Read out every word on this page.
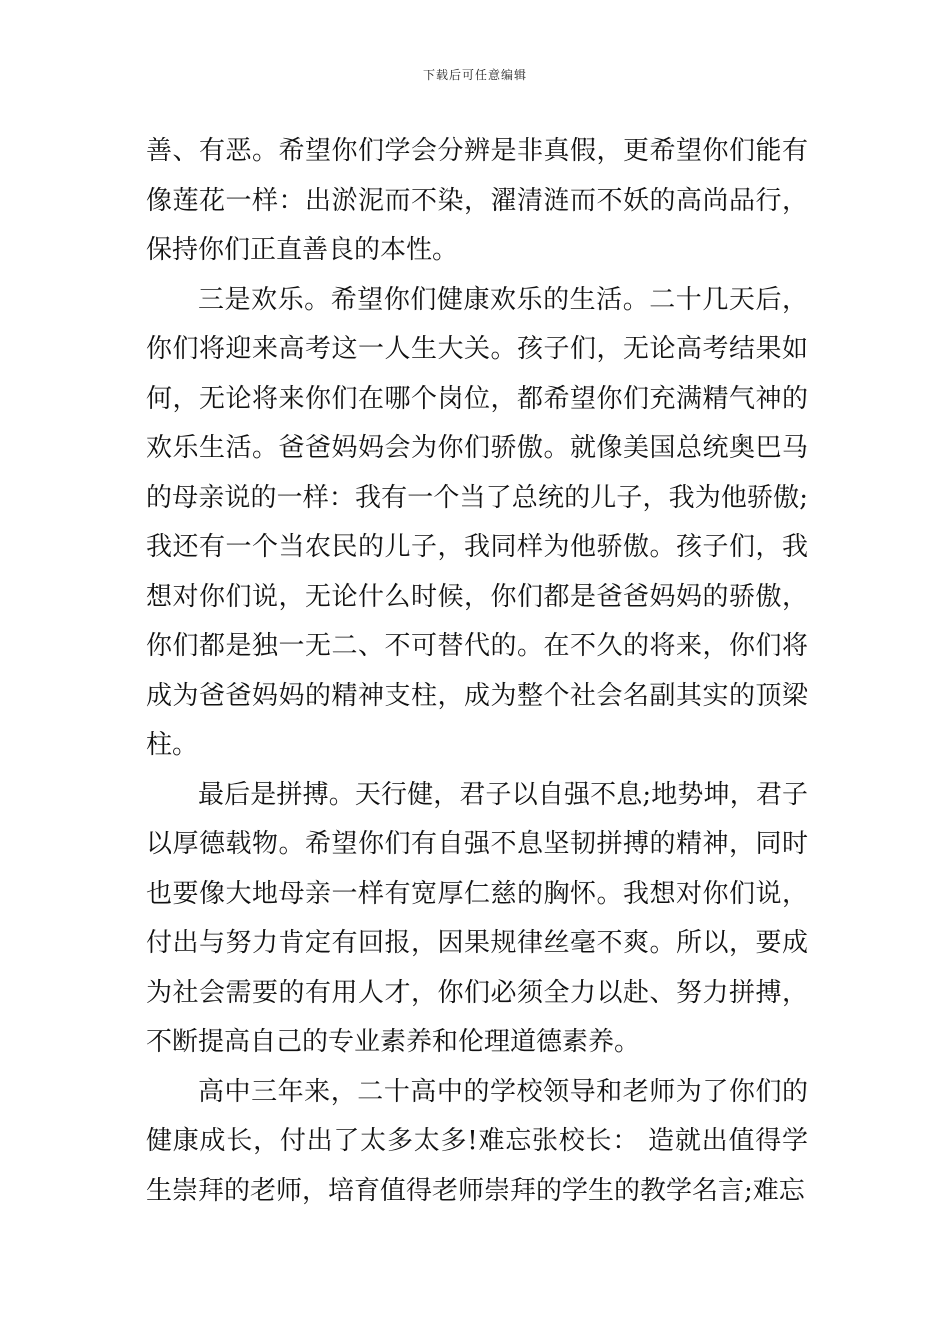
下载后可任意编辑

善、有恶。希望你们学会分辨是非真假，更希望你们能有像莲花一样：出淤泥而不染，濯清涟而不妖的高尚品行，保持你们正直善良的本性。

三是欢乐。希望你们健康欢乐的生活。二十几天后，你们将迎来高考这一人生大关。孩子们，无论高考结果如何，无论将来你们在哪个岗位，都希望你们充满精气神的欢乐生活。爸爸妈妈会为你们骄傲。就像美国总统奥巴马的母亲说的一样：我有一个当了总统的儿子，我为他骄傲;我还有一个当农民的儿子，我同样为他骄傲。孩子们，我想对你们说，无论什么时候，你们都是爸爸妈妈的骄傲，你们都是独一无二、不可替代的。在不久的将来，你们将成为爸爸妈妈的精神支柱，成为整个社会名副其实的顶梁柱。

最后是拼搏。天行健，君子以自强不息;地势坤，君子以厚德载物。希望你们有自强不息坚韧拼搏的精神，同时也要像大地母亲一样有宽厚仁慈的胸怀。我想对你们说，付出与努力肯定有回报，因果规律丝毫不爽。所以，要成为社会需要的有用人才，你们必须全力以赴、努力拼搏，不断提高自己的专业素养和伦理道德素养。

高中三年来，二十高中的学校领导和老师为了你们的健康成长，付出了太多太多!难忘张校长： 造就出值得学生崇拜的老师，培育值得老师崇拜的学生的教学名言;难忘
